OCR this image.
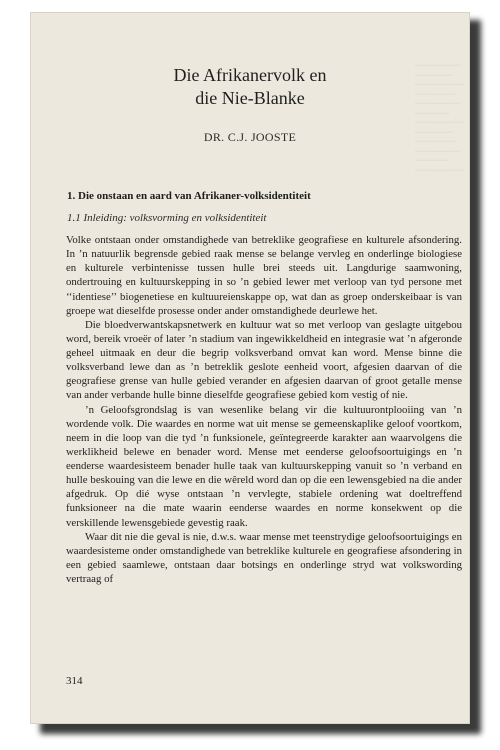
~~~~~~~~~~~~
~~~~~~~~~~
~~~~~~~~~~~~~
~~~~~~~~~~~
~~~~~~~~~~~~
~~~~~~~~~
~~~~~~~~~~~~~
~~~~~~~~~~
~~~~~~~~~~~
~~~~~~~~~~~~
~~~~~~~~~
~~~~~~~~~~~~~
Die Afrikanervolk en
die Nie-Blanke
DR. C.J. JOOSTE
1. Die onstaan en aard van Afrikaner-volksidentiteit
1.1 Inleiding: volksvorming en volksidentiteit

Volke ontstaan onder omstandighede van betreklike geografiese en kulturele afsondering. In ’n natuurlik begrensde gebied raak mense se belange vervleg en onderlinge biologiese en kulturele verbintenisse tussen hulle brei steeds uit. Langdurige saamwoning, ondertrouing en kultuurskepping in so ’n gebied lewer met verloop van tyd persone met ‘‘identiese’’ biogenetiese en kultuureienskappe op, wat dan as groep onderskeibaar is van groepe wat dieselfde prosesse onder ander omstandighede deurlewe het.

Die bloedverwantskapsnetwerk en kultuur wat so met verloop van geslagte uitgebou word, bereik vroeër of later ’n stadium van ingewikkeldheid en integrasie wat ’n afgeronde geheel uitmaak en deur die begrip volksverband omvat kan word. Mense binne die volksverband lewe dan as ’n betreklik geslote eenheid voort, afgesien daarvan of die geografiese grense van hulle gebied verander en afgesien daarvan of groot getalle mense van ander verbande hulle binne dieselfde geografiese gebied kom vestig of nie.

’n Geloofsgrondslag is van wesenlike belang vir die kultuurontplooiing van ’n wordende volk. Die waardes en norme wat uit mense se gemeenskaplike geloof voortkom, neem in die loop van die tyd ’n funksionele, geïntegreerde karakter aan waarvolgens die werklikheid belewe en benader word. Mense met eenderse geloofsoortuigings en ’n eenderse waardesisteem benader hulle taak van kultuurskepping vanuit so ’n verband en hulle beskouing van die lewe en die wêreld word dan op die een lewensgebied na die ander afgedruk. Op dié wyse ontstaan ’n vervlegte, stabiele ordening wat doeltreffend funksioneer na die mate waarin eenderse waardes en norme konsekwent op die verskillende lewensgebiede gevestig raak.

Waar dit nie die geval is nie, d.w.s. waar mense met teenstrydige geloofsoortuigings en waardesisteme onder omstandighede van betreklike kulturele en geografiese afsondering in een gebied saamlewe, ontstaan daar botsings en onderlinge stryd wat volkswording vertraag of

314
